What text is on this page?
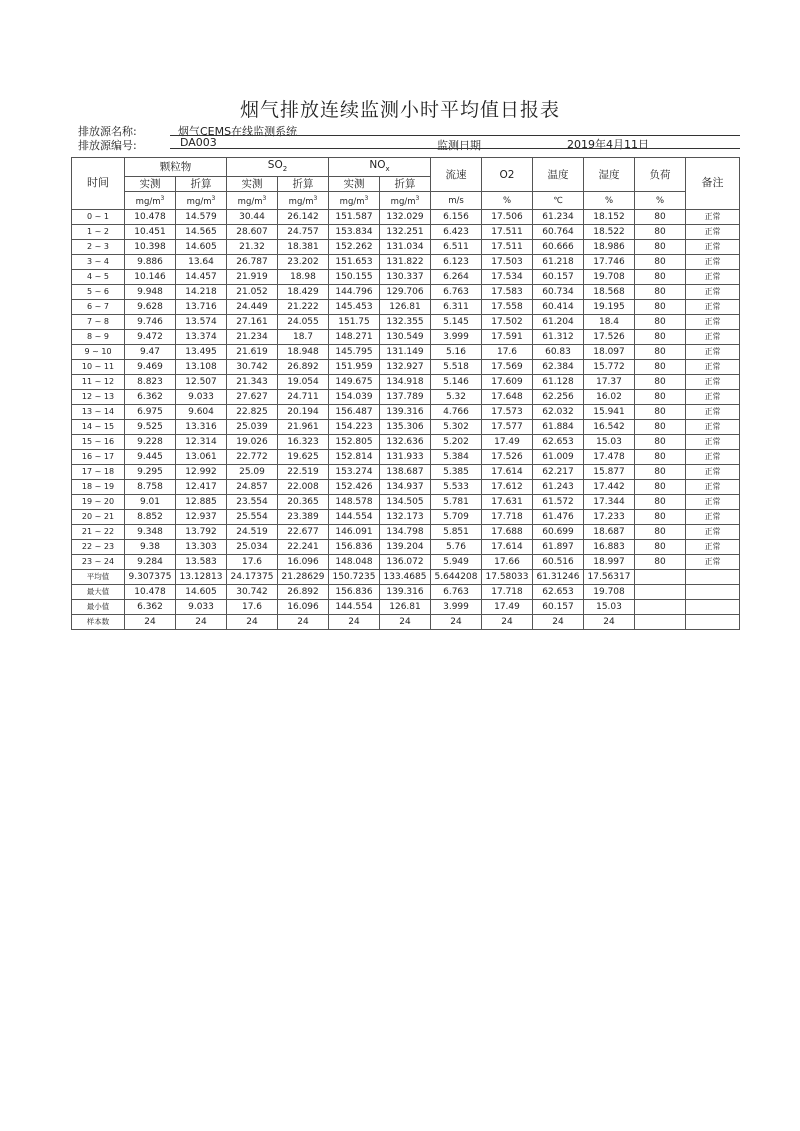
烟气排放连续监测小时平均值日报表
排放源名称:	烟气CEMS在线监测系统
排放源编号:	DA003	监测日期	2019年4月11日
时间	颗粒物		$SO_2$		$NO_x$		流速	O2	温度	湿度	负荷	备注
	实测	折算	实测	折算	实测	折算						
	$mg/m^3$	$mg/m^3$	$mg/m^3$	$mg/m^3$	$mg/m^3$	$mg/m^3$	m/s	%	℃	%	%	
0 ~ 1	10.478	14.579	30.44	26.142	151.587	132.029	6.156	17.506	61.234	18.152	80	正常
1 ~ 2	10.451	14.565	28.607	24.757	153.834	132.251	6.423	17.511	60.764	18.522	80	正常
2 ~ 3	10.398	14.605	21.32	18.381	152.262	131.034	6.511	17.511	60.666	18.986	80	正常
3 ~ 4	9.886	13.64	26.787	23.202	151.653	131.822	6.123	17.503	61.218	17.746	80	正常
4 ~ 5	10.146	14.457	21.919	18.98	150.155	130.337	6.264	17.534	60.157	19.708	80	正常
5 ~ 6	9.948	14.218	21.052	18.429	144.796	129.706	6.763	17.583	60.734	18.568	80	正常
6 ~ 7	9.628	13.716	24.449	21.222	145.453	126.81	6.311	17.558	60.414	19.195	80	正常
7 ~ 8	9.746	13.574	27.161	24.055	151.75	132.355	5.145	17.502	61.204	18.4	80	正常
8 ~ 9	9.472	13.374	21.234	18.7	148.271	130.549	3.999	17.591	61.312	17.526	80	正常
9 ~ 10	9.47	13.495	21.619	18.948	145.795	131.149	5.16	17.6	60.83	18.097	80	正常
10 ~ 11	9.469	13.108	30.742	26.892	151.959	132.927	5.518	17.569	62.384	15.772	80	正常
11 ~ 12	8.823	12.507	21.343	19.054	149.675	134.918	5.146	17.609	61.128	17.37	80	正常
12 ~ 13	6.362	9.033	27.627	24.711	154.039	137.789	5.32	17.648	62.256	16.02	80	正常
13 ~ 14	6.975	9.604	22.825	20.194	156.487	139.316	4.766	17.573	62.032	15.941	80	正常
14 ~ 15	9.525	13.316	25.039	21.961	154.223	135.306	5.302	17.577	61.884	16.542	80	正常
15 ~ 16	9.228	12.314	19.026	16.323	152.805	132.636	5.202	17.49	62.653	15.03	80	正常
16 ~ 17	9.445	13.061	22.772	19.625	152.814	131.933	5.384	17.526	61.009	17.478	80	正常
17 ~ 18	9.295	12.992	25.09	22.519	153.274	138.687	5.385	17.614	62.217	15.877	80	正常
18 ~ 19	8.758	12.417	24.857	22.008	152.426	134.937	5.533	17.612	61.243	17.442	80	正常
19 ~ 20	9.01	12.885	23.554	20.365	148.578	134.505	5.781	17.631	61.572	17.344	80	正常
20 ~ 21	8.852	12.937	25.554	23.389	144.554	132.173	5.709	17.718	61.476	17.233	80	正常
21 ~ 22	9.348	13.792	24.519	22.677	146.091	134.798	5.851	17.688	60.699	18.687	80	正常
22 ~ 23	9.38	13.303	25.034	22.241	156.836	139.204	5.76	17.614	61.897	16.883	80	正常
23 ~ 24	9.284	13.583	17.6	16.096	148.048	136.072	5.949	17.66	60.516	18.997	80	正常
平均值	9.307375	13.12813	24.17375	21.28629	150.7235	133.4685	5.644208	17.58033	61.31246	17.56317		
最大值	10.478	14.605	30.742	26.892	156.836	139.316	6.763	17.718	62.653	19.708		
最小值	6.362	9.033	17.6	16.096	144.554	126.81	3.999	17.49	60.157	15.03		
样本数	24	24	24	24	24	24	24	24	24	24		
